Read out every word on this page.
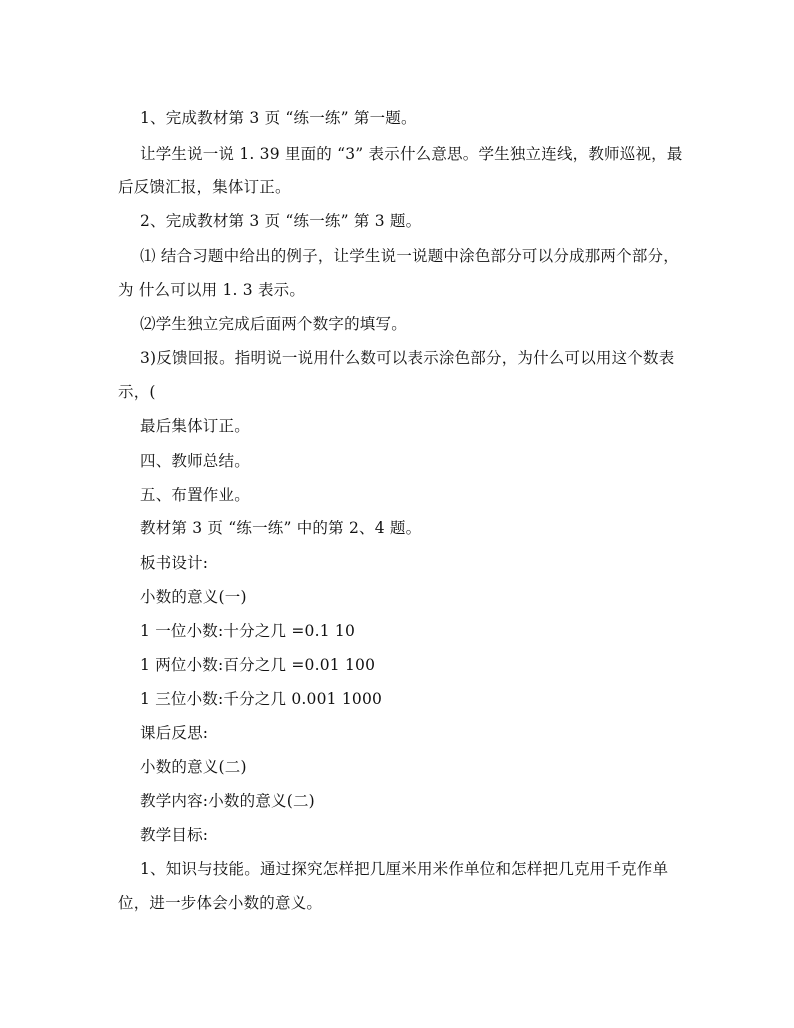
1、完成教材第 3 页 “练一练” 第一题。
让学生说一说 1. 39 里面的 “3” 表示什么意思。学生独立连线，教师巡视，最
后反馈汇报，集体订正。
2、完成教材第 3 页 “练一练” 第 3 题。
⑴ 结合习题中给出的例子，让学生说一说题中涂色部分可以分成那两个部分，
为 什么可以用 1. 3 表示。
⑵学生独立完成后面两个数字的填写。
3)反馈回报。指明说一说用什么数可以表示涂色部分，为什么可以用这个数表
示，(
最后集体订正。
四、教师总结。
五、布置作业。
教材第 3 页 “练一练” 中的第 2、4 题。
板书设计:
小数的意义(一)
1 一位小数:十分之几 =0.1 10
1 两位小数:百分之几 =0.01 100
1 三位小数:千分之几 0.001 1000
课后反思:
小数的意义(二)
教学内容:小数的意义(二)
教学目标:
1、知识与技能。通过探究怎样把几厘米用米作单位和怎样把几克用千克作单
位，进一步体会小数的意义。
